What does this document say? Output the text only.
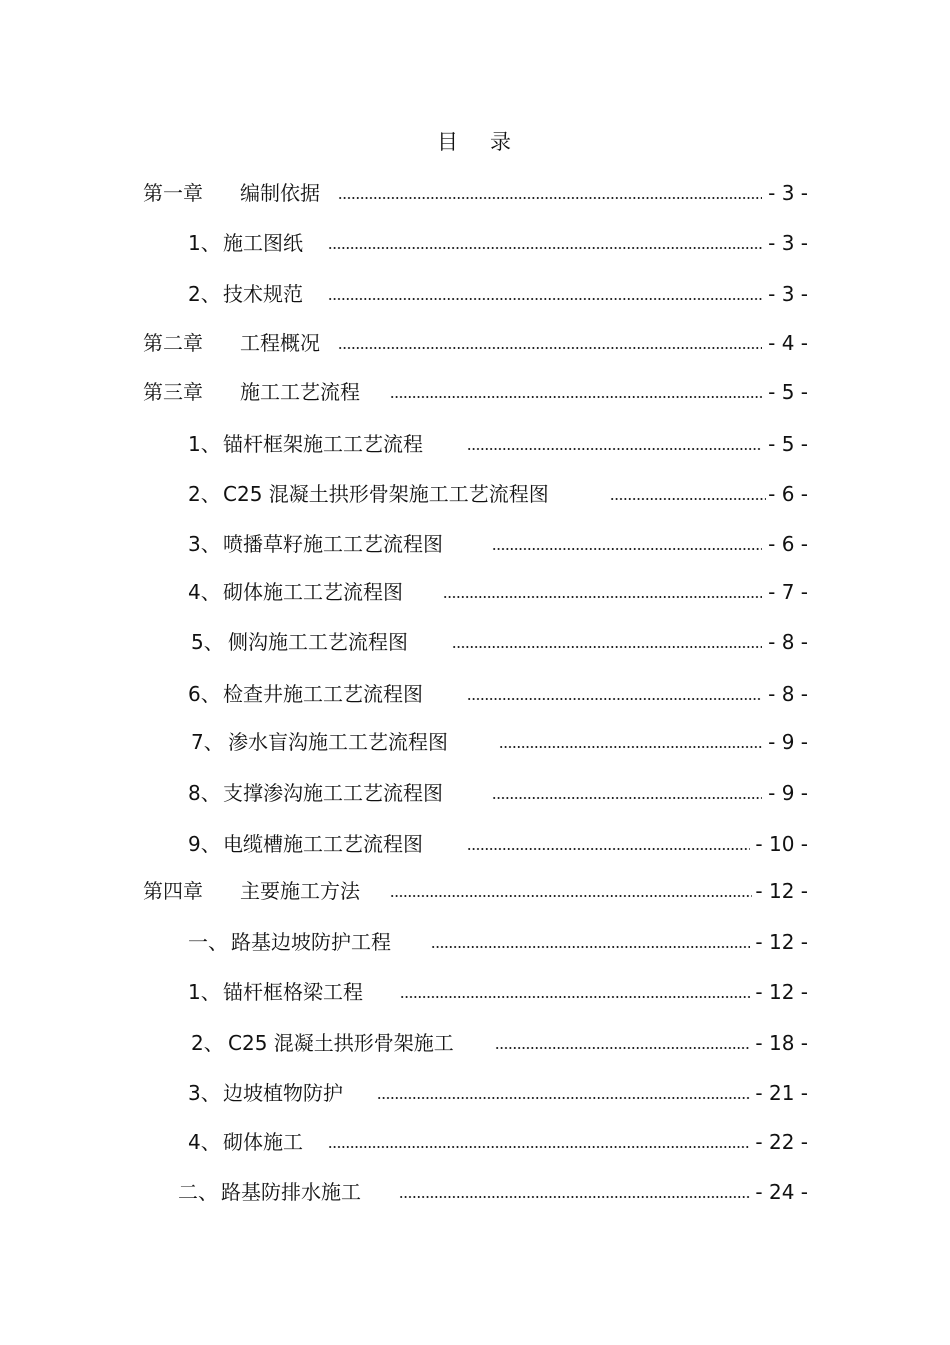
目 录
第一章 编制依据	- 3 -
1、 施工图纸	- 3 -
2、 技术规范	- 3 -
第二章 工程概况	- 4 -
第三章 施工工艺流程	- 5 -
1、 锚杆框架施工工艺流程	- 5 -
2、 C25 混凝土拱形骨架施工工艺流程图	- 6 -
3、 喷播草籽施工工艺流程图	- 6 -
4、 砌体施工工艺流程图	- 7 -
5、 侧沟施工工艺流程图	- 8 -
6、 检查井施工工艺流程图	- 8 -
7、 渗水盲沟施工工艺流程图	- 9 -
8、 支撑渗沟施工工艺流程图	- 9 -
9、 电缆槽施工工艺流程图	- 10 -
第四章 主要施工方法	- 12 -
一、 路基边坡防护工程	- 12 -
1、 锚杆框格梁工程	- 12 -
2、 C25 混凝土拱形骨架施工	- 18 -
3、 边坡植物防护	- 21 -
4、 砌体施工	- 22 -
二、 路基防排水施工	- 24 -
